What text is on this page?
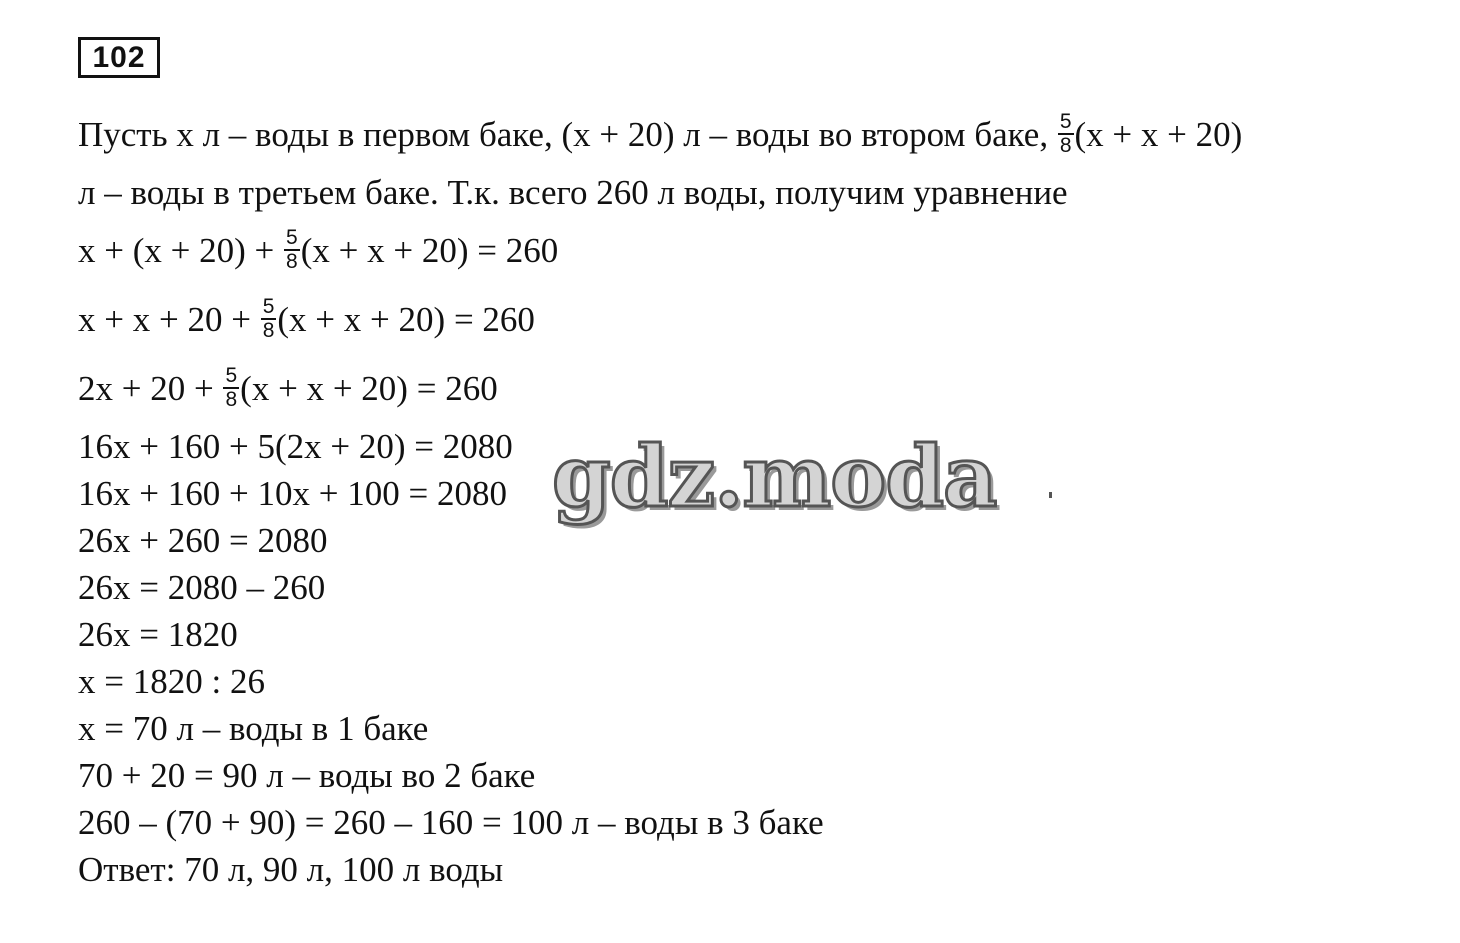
102
Пусть x л – воды в первом баке, (x + 20) л – воды во втором баке, $\frac{5}{8} (x + x + 20)$
л – воды в третьем баке. Т.к. всего 260 л воды, получим уравнение
$x + (x + 20) + \frac{5}{8} (x + x + 20) = 260$
$x + x + 20 + \frac{5}{8} (x + x + 20) = 260$
$2x + 20 + \frac{5}{8} (x + x + 20) = 260$
16x + 160 + 5(2x + 20) = 2080
16x + 160 + 10x + 100 = 2080
26x + 260 = 2080
26x = 2080 – 260
26x = 1820
x = 1820 : 26
x = 70 л – воды в 1 баке
70 + 20 = 90 л – воды во 2 баке
260 – (70 + 90) = 260 – 160 = 100 л – воды в 3 баке
Ответ: 70 л, 90 л, 100 л воды
gdz.moda
